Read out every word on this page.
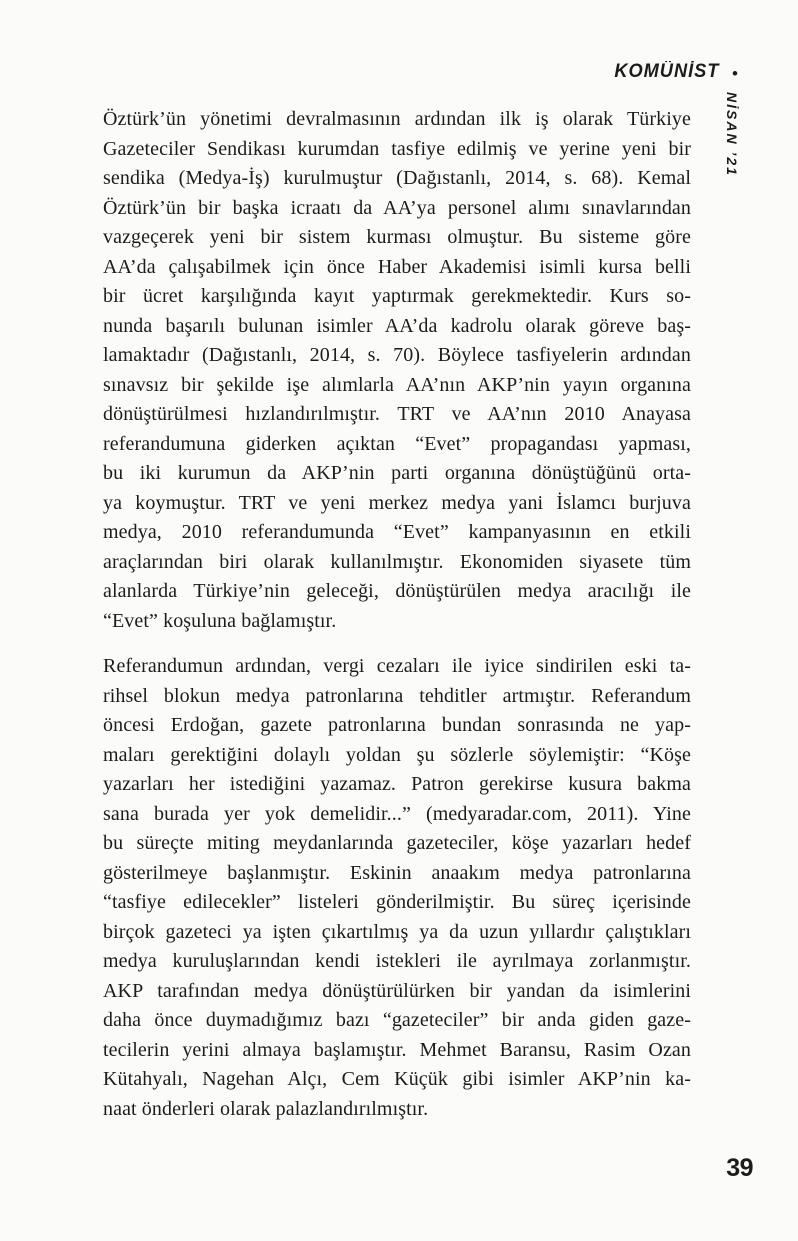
KOMÜNİST •
NİSAN ’21
Öztürk’ün yönetimi devralmasının ardından ilk iş olarak Türkiye
Gazeteciler Sendikası kurumdan tasfiye edilmiş ve yerine yeni bir
sendika (Medya-İş) kurulmuştur (Dağıstanlı, 2014, s. 68). Kemal
Öztürk’ün bir başka icraatı da AA’ya personel alımı sınavlarından
vazgeçerek yeni bir sistem kurması olmuştur. Bu sisteme göre
AA’da çalışabilmek için önce Haber Akademisi isimli kursa belli
bir ücret karşılığında kayıt yaptırmak gerekmektedir. Kurs so-
nunda başarılı bulunan isimler AA’da kadrolu olarak göreve baş-
lamaktadır (Dağıstanlı, 2014, s. 70). Böylece tasfiyelerin ardından
sınavsız bir şekilde işe alımlarla AA’nın AKP’nin yayın organına
dönüştürülmesi hızlandırılmıştır. TRT ve AA’nın 2010 Anayasa
referandumuna giderken açıktan “Evet” propagandası yapması,
bu iki kurumun da AKP’nin parti organına dönüştüğünü orta-
ya koymuştur. TRT ve yeni merkez medya yani İslamcı burjuva
medya, 2010 referandumunda “Evet” kampanyasının en etkili
araçlarından biri olarak kullanılmıştır. Ekonomiden siyasete tüm
alanlarda Türkiye’nin geleceği, dönüştürülen medya aracılığı ile
“Evet” koşuluna bağlamıştır.
Referandumun ardından, vergi cezaları ile iyice sindirilen eski ta-
rihsel blokun medya patronlarına tehditler artmıştır. Referandum
öncesi Erdoğan, gazete patronlarına bundan sonrasında ne yap-
maları gerektiğini dolaylı yoldan şu sözlerle söylemiştir: “Köşe
yazarları her istediğini yazamaz. Patron gerekirse kusura bakma
sana burada yer yok demelidir...” (medyaradar.com, 2011). Yine
bu süreçte miting meydanlarında gazeteciler, köşe yazarları hedef
gösterilmeye başlanmıştır. Eskinin anaakım medya patronlarına
“tasfiye edilecekler” listeleri gönderilmiştir. Bu süreç içerisinde
birçok gazeteci ya işten çıkartılmış ya da uzun yıllardır çalıştıkları
medya kuruluşlarından kendi istekleri ile ayrılmaya zorlanmıştır.
AKP tarafından medya dönüştürülürken bir yandan da isimlerini
daha önce duymadığımız bazı “gazeteciler” bir anda giden gaze-
tecilerin yerini almaya başlamıştır. Mehmet Baransu, Rasim Ozan
Kütahyalı, Nagehan Alçı, Cem Küçük gibi isimler AKP’nin ka-
naat önderleri olarak palazlandırılmıştır.
39
